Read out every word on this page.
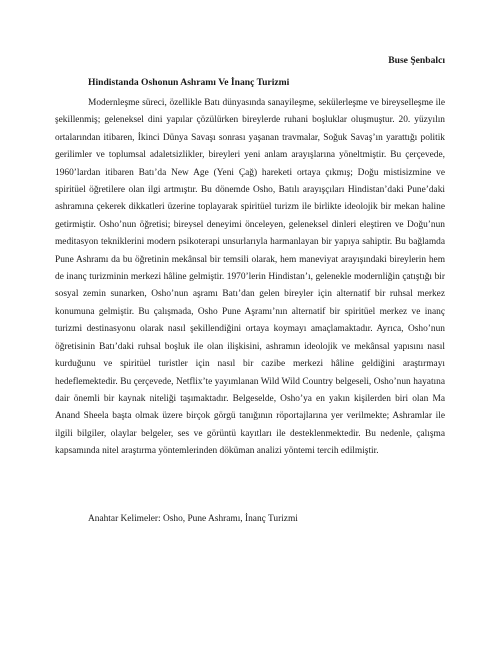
Buse Şenbalcı
Hindistanda Oshonun Ashramı Ve İnanç Turizmi

Modernleşme süreci, özellikle Batı dünyasında sanayileşme, sekülerleşme ve bireyselleşme ile şekillenmiş; geleneksel dini yapılar çözülürken bireylerde ruhani boşluklar oluşmuştur. 20. yüzyılın ortalarından itibaren, İkinci Dünya Savaşı sonrası yaşanan travmalar, Soğuk Savaş’ın yarattığı politik gerilimler ve toplumsal adaletsizlikler, bireyleri yeni anlam arayışlarına yöneltmiştir. Bu çerçevede, 1960’lardan itibaren Batı’da New Age (Yeni Çağ) hareketi ortaya çıkmış; Doğu mistisizmine ve spiritüel öğretilere olan ilgi artmıştır. Bu dönemde Osho, Batılı arayışçıları Hindistan’daki Pune’daki ashramına çekerek dikkatleri üzerine toplayarak spiritüel turizm ile birlikte ideolojik bir mekan haline getirmiştir. Osho’nun öğretisi; bireysel deneyimi önceleyen, geleneksel dinleri eleştiren ve Doğu’nun meditasyon tekniklerini modern psikoterapi unsurlarıyla harmanlayan bir yapıya sahiptir. Bu bağlamda Pune Ashramı da bu öğretinin mekânsal bir temsili olarak, hem maneviyat arayışındaki bireylerin hem de inanç turizminin merkezi hâline gelmiştir. 1970’lerin Hindistan’ı, gelenekle modernliğin çatıştığı bir sosyal zemin sunarken, Osho’nun aşramı Batı’dan gelen bireyler için alternatif bir ruhsal merkez konumuna gelmiştir. Bu çalışmada, Osho Pune Aşramı’nın alternatif bir spiritüel merkez ve inanç turizmi destinasyonu olarak nasıl şekillendiğini ortaya koymayı amaçlamaktadır. Ayrıca, Osho’nun öğretisinin Batı’daki ruhsal boşluk ile olan ilişkisini, ashramın ideolojik ve mekânsal yapısını nasıl kurduğunu ve spiritüel turistler için nasıl bir cazibe merkezi hâline geldiğini araştırmayı hedeflemektedir. Bu çerçevede, Netflix’te yayımlanan Wild Wild Country belgeseli, Osho’nun hayatına dair önemli bir kaynak niteliği taşımaktadır. Belgeselde, Osho’ya en yakın kişilerden biri olan Ma Anand Sheela başta olmak üzere birçok görgü tanığının röportajlarına yer verilmekte; Ashramlar ile ilgili bilgiler, olaylar belgeler, ses ve görüntü kayıtları ile desteklenmektedir. Bu nedenle, çalışma kapsamında nitel araştırma yöntemlerinden döküman analizi yöntemi tercih edilmiştir.

Anahtar Kelimeler: Osho, Pune Ashramı, İnanç Turizmi
